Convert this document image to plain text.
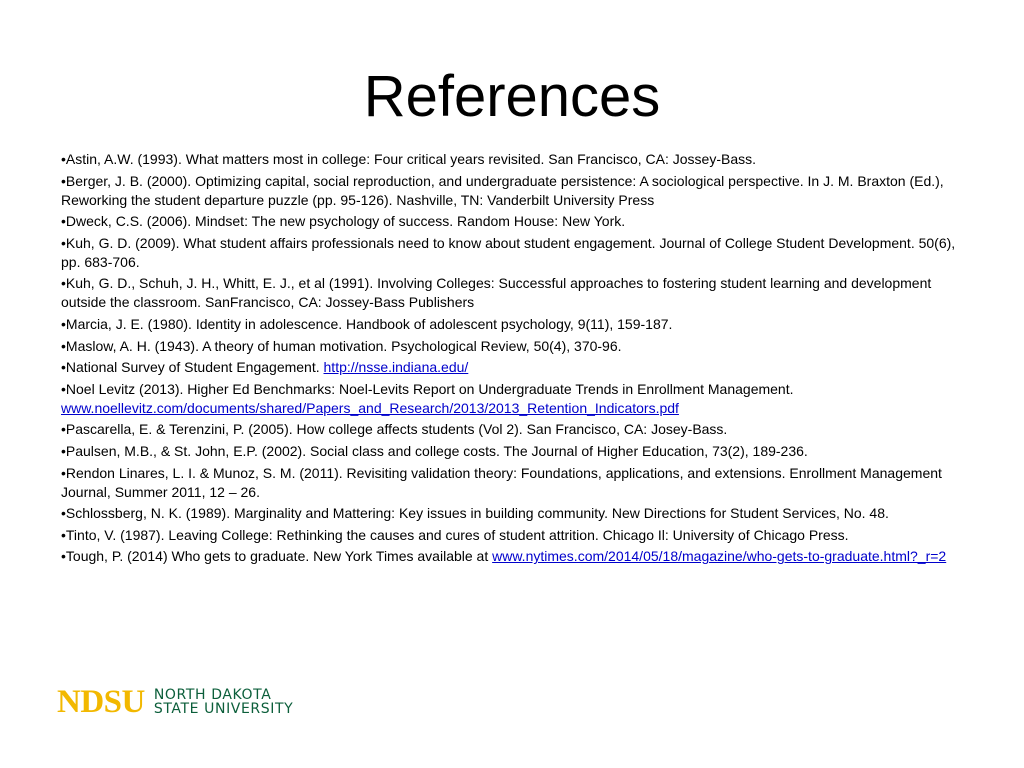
References
•Astin, A.W. (1993). What matters most in college: Four critical years revisited. San Francisco, CA: Jossey-Bass.
•Berger, J. B. (2000). Optimizing capital, social reproduction, and undergraduate persistence: A sociological perspective. In J. M. Braxton (Ed.), Reworking the student departure puzzle (pp. 95-126). Nashville, TN: Vanderbilt University Press
•Dweck, C.S. (2006). Mindset: The new psychology of success. Random House: New York.
•Kuh, G. D. (2009). What student affairs professionals need to know about student engagement. Journal of College Student Development. 50(6), pp. 683-706.
•Kuh, G. D., Schuh, J. H., Whitt, E. J., et al (1991). Involving Colleges: Successful approaches to fostering student learning and development outside the classroom. SanFrancisco, CA: Jossey-Bass Publishers
•Marcia, J. E. (1980). Identity in adolescence. Handbook of adolescent psychology, 9(11), 159-187.
•Maslow, A. H. (1943). A theory of human motivation. Psychological Review, 50(4), 370-96.
•National Survey of Student Engagement. http://nsse.indiana.edu/
•Noel Levitz (2013). Higher Ed Benchmarks: Noel-Levits Report on Undergraduate Trends in Enrollment Management. www.noellevitz.com/documents/shared/Papers_and_Research/2013/2013_Retention_Indicators.pdf
•Pascarella, E. & Terenzini, P. (2005). How college affects students (Vol 2). San Francisco, CA: Josey-Bass.
•Paulsen, M.B., & St. John, E.P. (2002). Social class and college costs. The Journal of Higher Education, 73(2), 189-236.
•Rendon Linares, L. I. & Munoz, S. M. (2011). Revisiting validation theory: Foundations, applications, and extensions. Enrollment Management Journal, Summer 2011, 12 – 26.
•Schlossberg, N. K. (1989). Marginality and Mattering: Key issues in building community. New Directions for Student Services, No. 48.
•Tinto, V. (1987). Leaving College: Rethinking the causes and cures of student attrition. Chicago Il: University of Chicago Press.
•Tough, P. (2014) Who gets to graduate. New York Times available at www.nytimes.com/2014/05/18/magazine/who-gets-to-graduate.html?_r=2
NDSU NORTH DAKOTA
STATE UNIVERSITY
